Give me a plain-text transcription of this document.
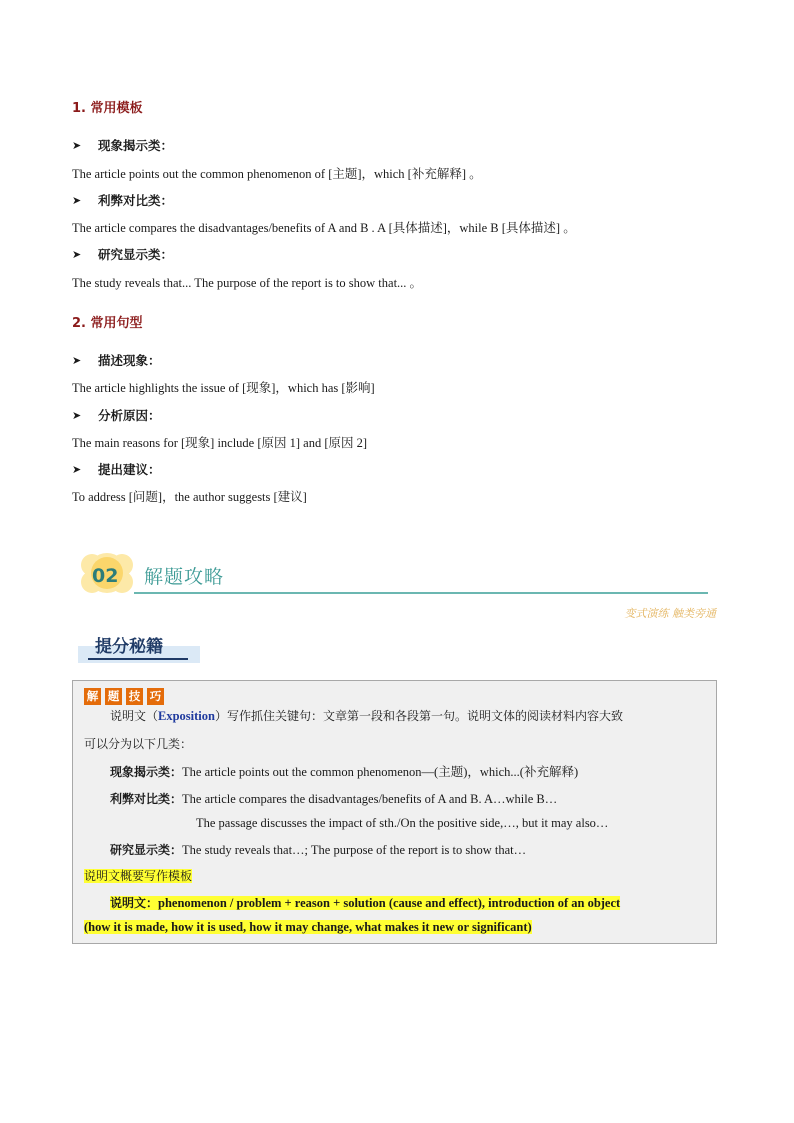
1. 常用模板
➤	现象揭示类：
The article points out the common phenomenon of [主题]，which [补充解释] 。
➤	利弊对比类：
The article compares the disadvantages/benefits of A and B . A [具体描述]，while B [具体描述] 。
➤	研究显示类：
The study reveals that... The purpose of the report is to show that... 。
2. 常用句型
➤	描述现象：
The article highlights the issue of [现象]，which has [影响]
➤	分析原因：
The main reasons for [现象] include [原因 1] and [原因 2]
➤	提出建议：
To address [问题]，the author suggests [建议]
02 解题攻略
变式演练 触类旁通
提分秘籍
解 题 技 巧
说明文（Exposition）写作抓住关键句：文章第一段和各段第一句。说明文体的阅读材料内容大致
可以分为以下几类：
现象揭示类：The article points out the common phenomenon—(主题)，which...(补充解释)
利弊对比类：The article compares the disadvantages/benefits of A and B. A…while B…
The passage discusses the impact of sth./On the positive side,…, but it may also…
研究显示类：The study reveals that…; The purpose of the report is to show that…
说明文概要写作模板
说明文：phenomenon / problem + reason + solution (cause and effect), introduction of an object
(how it is made, how it is used, how it may change, what makes it new or significant)
